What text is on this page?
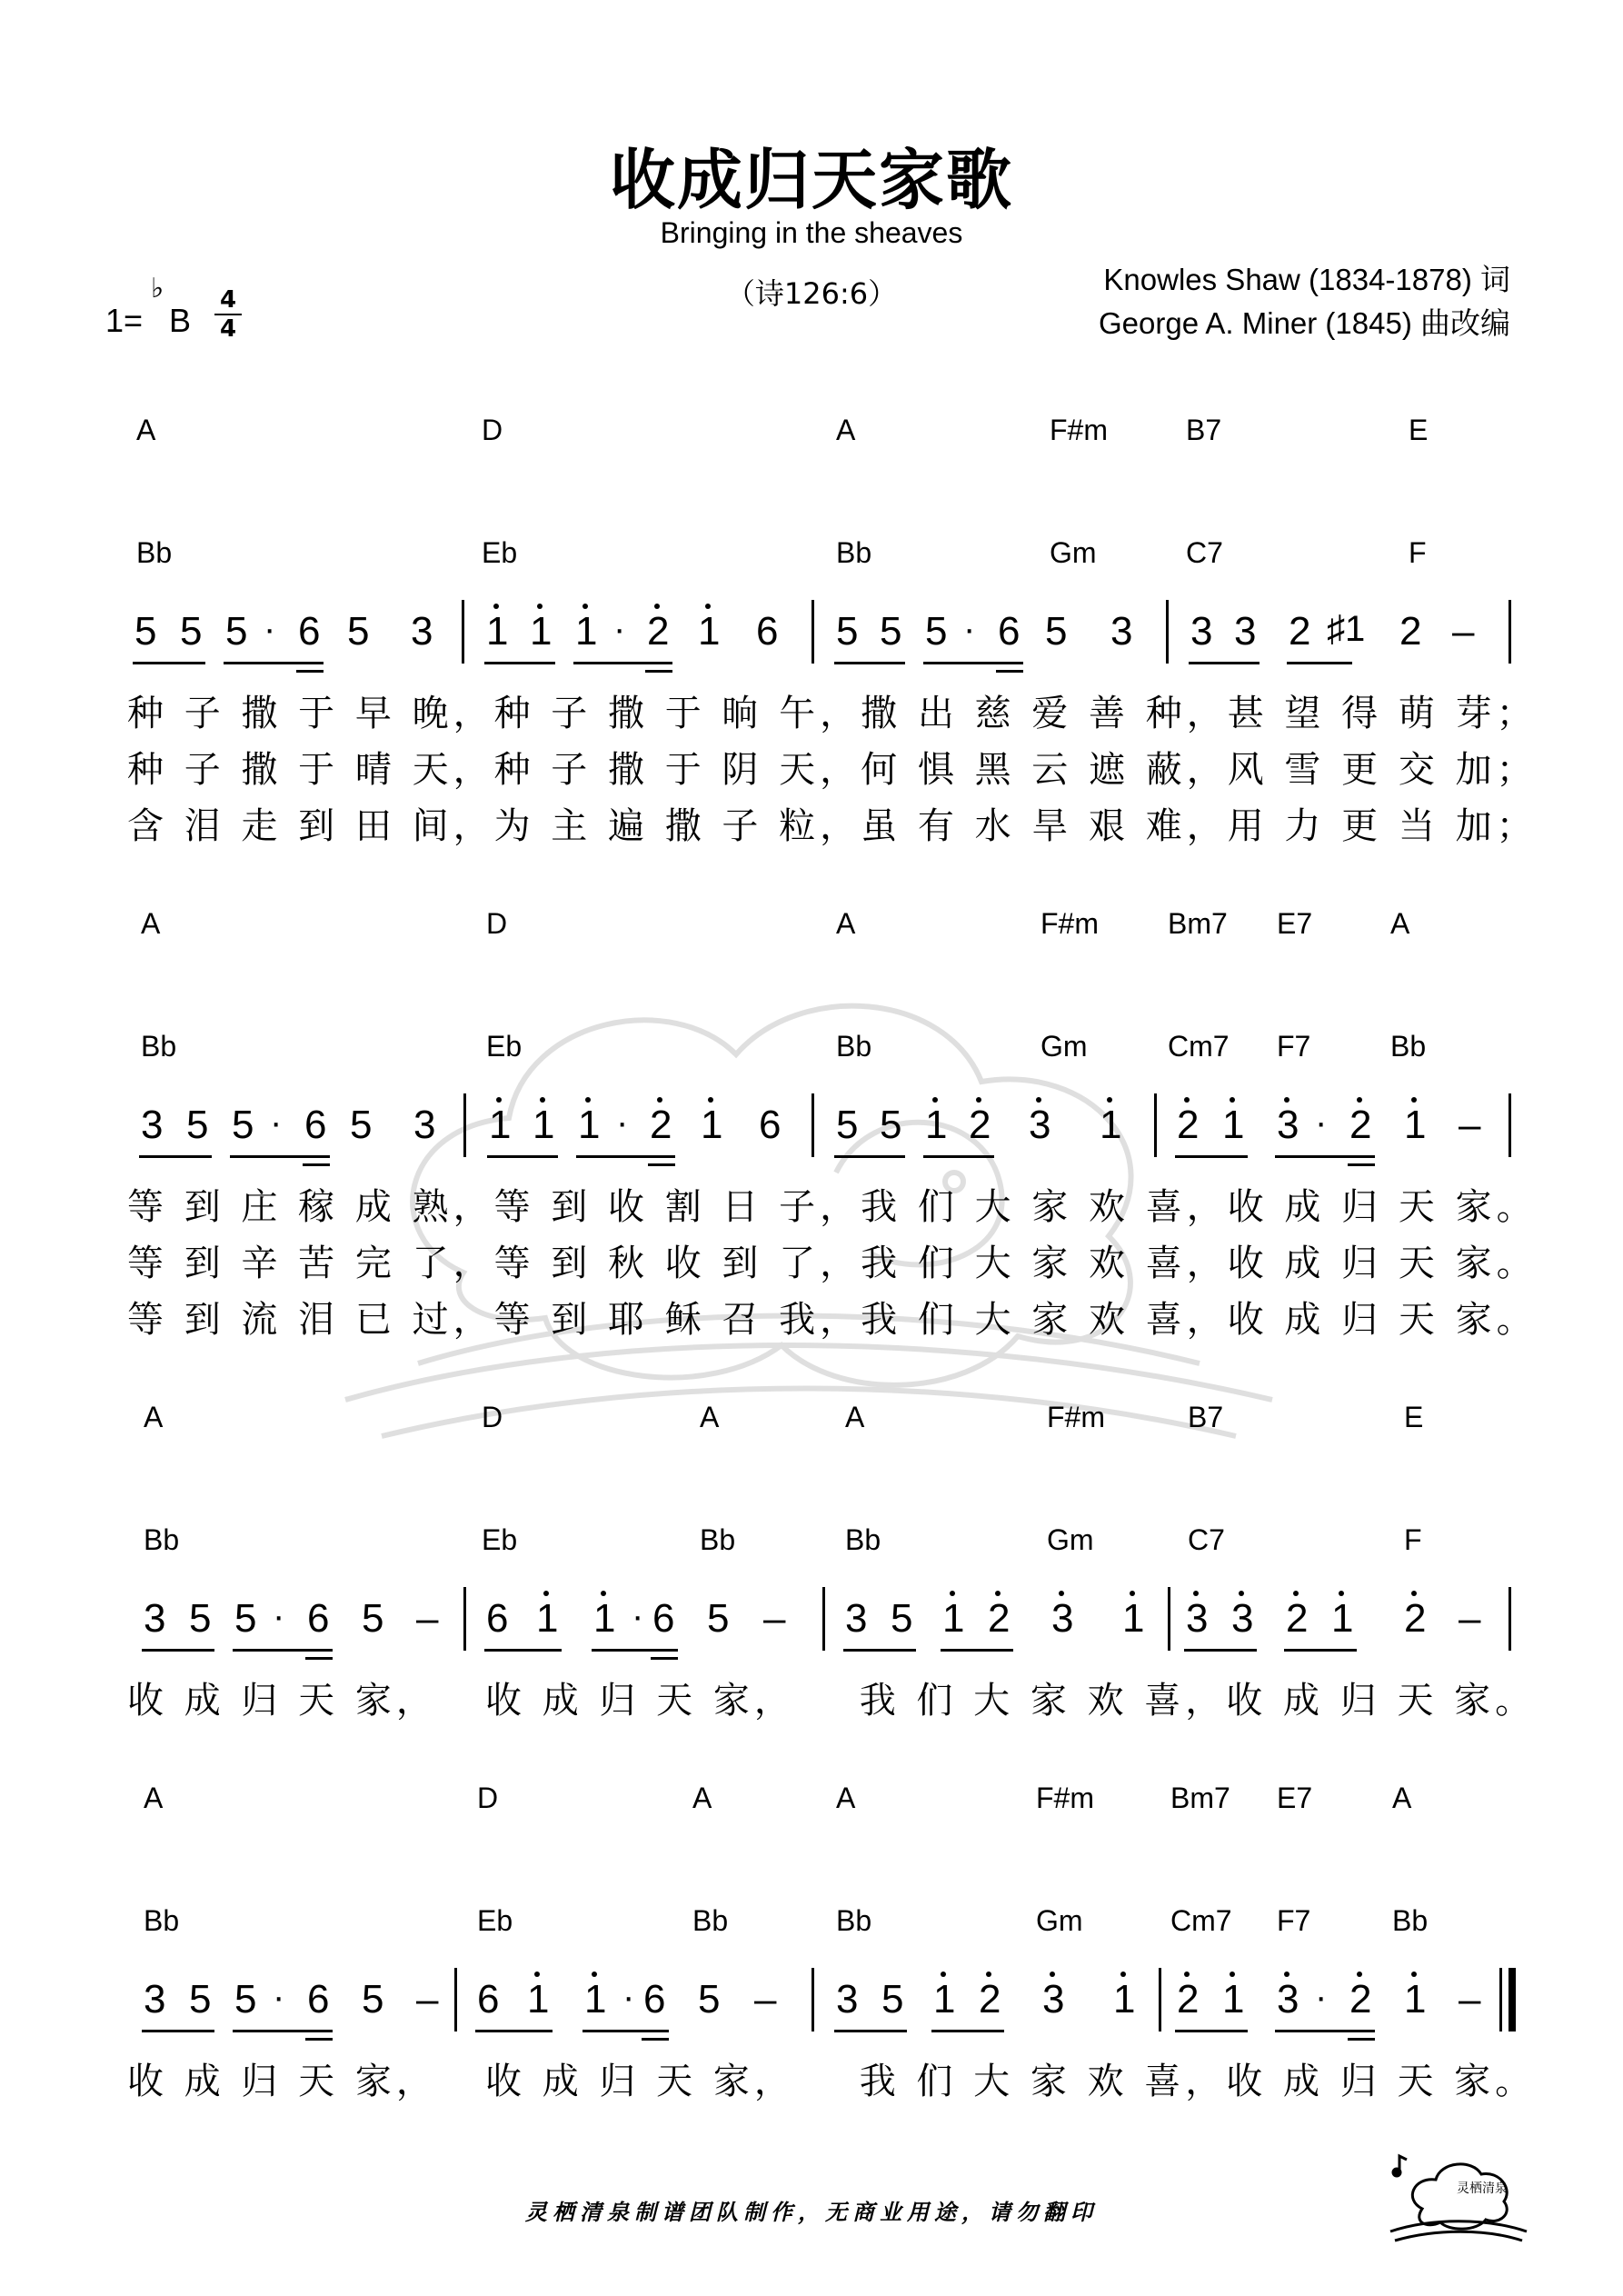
收成归天家歌
Bringing in the sheaves
（诗126:6）	Knowles Shaw (1834-1878) 词
George A. Miner (1845) 曲改编
1=
♭
B
4
4
A	D	A	F#m	B7	E
Bb	Eb	Bb	Gm	C7	F
5 5 5 · 6 5 3 1 1 1 · 2 1 6 5 5 5 · 6 5 3 3 3 2 ♯1 2 –
种 子 撒 于 早 晚，种 子 撒 于 晌 午，撒 出 慈 爱 善 种，甚 望 得 萌 芽；
种 子 撒 于 晴 天，种 子 撒 于 阴 天，何 惧 黑 云 遮 蔽，风 雪 更 交 加；
含 泪 走 到 田 间，为 主 遍 撒 子 粒，虽 有 水 旱 艰 难，用 力 更 当 加；
A	D	A	F#m Bm7 E7	A
Bb	Eb	Bb	Gm	Cm7 F7	Bb
3 5 5 · 6 5 3 1 1 1 · 2 1 6 5 5 1 2 3 1 2 1 3 · 2 1 –
等 到 庄 稼 成 熟，等 到 收 割 日 子，我 们 大 家 欢 喜，收 成 归 天 家。
等 到 辛 苦 完 了，等 到 秋 收 到 了，我 们 大 家 欢 喜，收 成 归 天 家。
等 到 流 泪 已 过，等 到 耶 稣 召 我，我 们 大 家 欢 喜，收 成 归 天 家。
A	D	A	A	F#m	B7	E
Bb	Eb	Bb	Bb	Gm	C7	F
3 5 5 · 6 5 – 6 1 1 · 6 5 – 3 5 1 2 3 1 3 3 2 1 2 –
收 成 归 天 家，   收 成 归 天 家，    我 们 大 家 欢 喜，收 成 归 天 家。
A	D	A	A	F#m	Bm7 E7	A
Bb	Eb	Bb	Bb	Gm	Cm7 F7	Bb
3 5 5 · 6 5 – 6 1 1 · 6 5 – 3 5 1 2 3 1 2 1 3 · 2 1 –
收 成 归 天 家，   收 成 归 天 家，    我 们 大 家 欢 喜，收 成 归 天 家。
灵栖清泉制谱团队制作，无商业用途，请勿翻印
灵栖清泉
